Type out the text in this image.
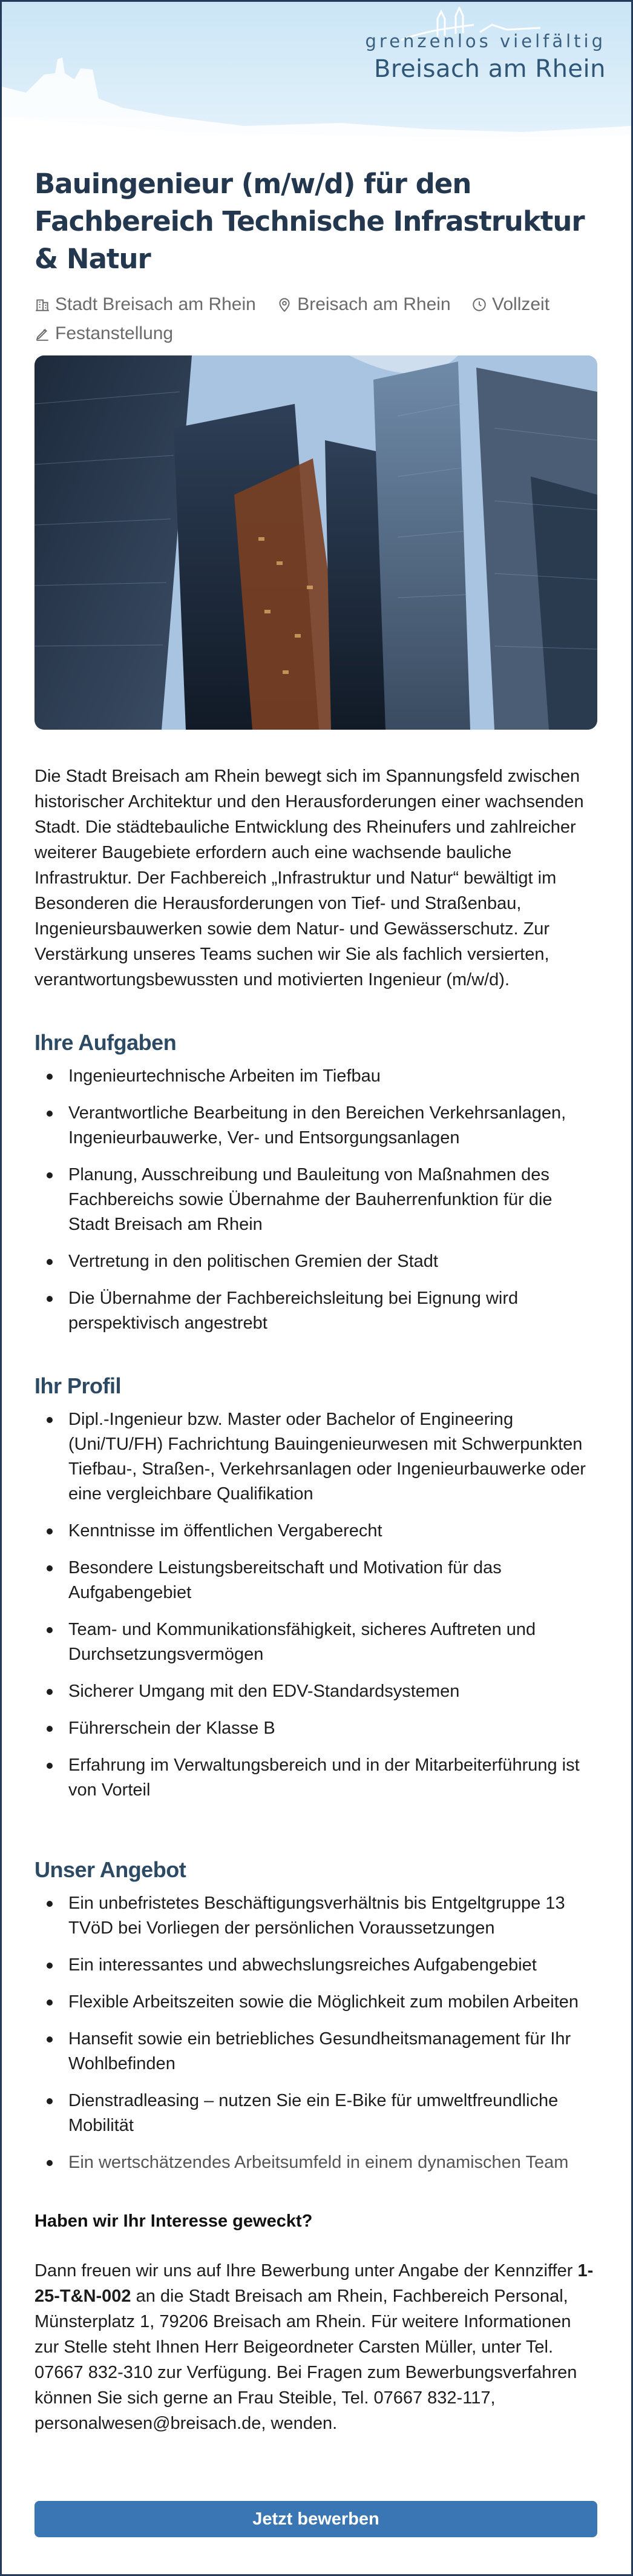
grenzenlos vielfältig
Breisach am Rhein
Bauingenieur (m/w/d) für den Fachbereich Technische Infrastruktur & Natur
Stadt Breisach am Rhein
Breisach am Rhein
Vollzeit

Festanstellung

Die Stadt Breisach am Rhein bewegt sich im Spannungsfeld zwischen historischer Architektur und den Herausforderungen einer wachsenden Stadt. Die städtebauliche Entwicklung des Rheinufers und zahlreicher weiterer Baugebiete erfordern auch eine wachsende bauliche Infrastruktur. Der Fachbereich „Infrastruktur und Natur“ bewältigt im Besonderen die Herausforderungen von Tief- und Straßenbau, Ingenieursbauwerken sowie dem Natur- und Gewässerschutz. Zur Verstärkung unseres Teams suchen wir Sie als fachlich versierten, verantwortungsbewussten und motivierten Ingenieur (m/w/d).

Ihre Aufgaben
Ingenieurtechnische Arbeiten im Tiefbau
Verantwortliche Bearbeitung in den Bereichen Verkehrsanlagen, Ingenieurbauwerke, Ver- und Entsorgungsanlagen
Planung, Ausschreibung und Bauleitung von Maßnahmen des Fachbereichs sowie Übernahme der Bauherrenfunktion für die Stadt Breisach am Rhein
Vertretung in den politischen Gremien der Stadt
Die Übernahme der Fachbereichsleitung bei Eignung wird perspektivisch angestrebt
Ihr Profil
Dipl.-Ingenieur bzw. Master oder Bachelor of Engineering (Uni/TU/FH) Fachrichtung Bauingenieurwesen mit Schwerpunkten Tiefbau-, Straßen-, Verkehrsanlagen oder Ingenieurbauwerke oder eine vergleichbare Qualifikation
Kenntnisse im öffentlichen Vergaberecht
Besondere Leistungsbereitschaft und Motivation für das Aufgabengebiet
Team- und Kommunikationsfähigkeit, sicheres Auftreten und Durchsetzungsvermögen
Sicherer Umgang mit den EDV-Standardsystemen
Führerschein der Klasse B
Erfahrung im Verwaltungsbereich und in der Mitarbeiterführung ist von Vorteil
Unser Angebot
Ein unbefristetes Beschäftigungsverhältnis bis Entgeltgruppe 13 TVöD bei Vorliegen der persönlichen Voraussetzungen
Ein interessantes und abwechslungsreiches Aufgabengebiet
Flexible Arbeitszeiten sowie die Möglichkeit zum mobilen Arbeiten
Hansefit sowie ein betriebliches Gesundheitsmanagement für Ihr Wohlbefinden
Dienstradleasing – nutzen Sie ein E-Bike für umweltfreundliche Mobilität
Ein wertschätzendes Arbeitsumfeld in einem dynamischen Team

Haben wir Ihr Interesse geweckt?

Dann freuen wir uns auf Ihre Bewerbung unter Angabe der Kennziffer 1-25-T&N-002 an die Stadt Breisach am Rhein, Fachbereich Personal, Münsterplatz 1, 79206 Breisach am Rhein. Für weitere Informationen zur Stelle steht Ihnen Herr Beigeordneter Carsten Müller, unter Tel. 07667 832-310 zur Verfügung. Bei Fragen zum Bewerbungsverfahren können Sie sich gerne an Frau Steible, Tel. 07667 832-117, personalwesen@breisach.de, wenden.

Jetzt bewerben
